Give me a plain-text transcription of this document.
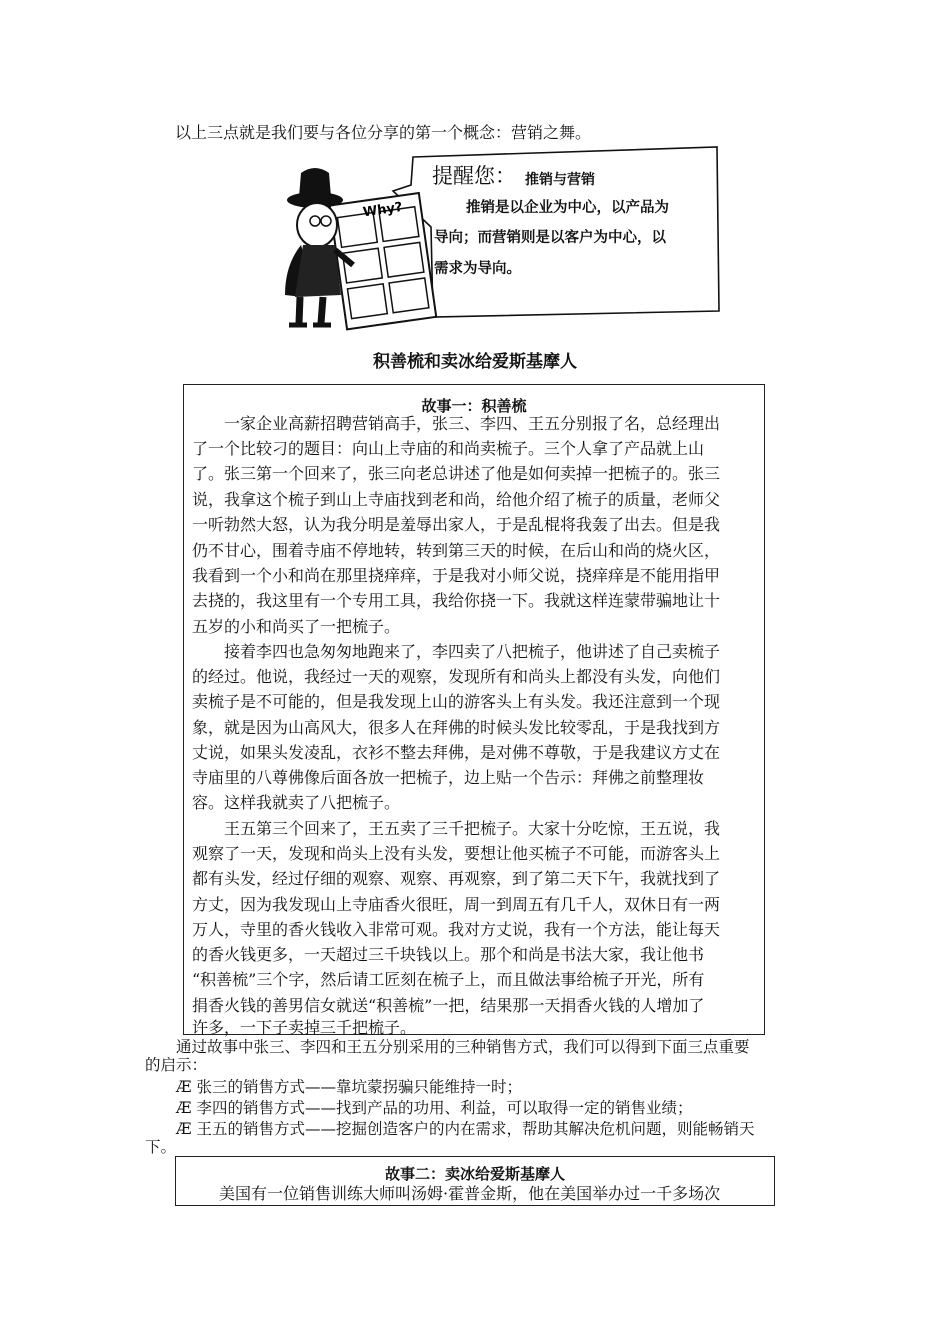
以上三点就是我们要与各位分享的第一个概念：营销之舞。
Why?
提醒您： 推销与营销
推销是以企业为中心，以产品为
导向；而营销则是以客户为中心，以
需求为导向。
积善梳和卖冰给爱斯基摩人
故事一：积善梳
一家企业高薪招聘营销高手，张三、李四、王五分别报了名，总经理出
了一个比较刁的题目：向山上寺庙的和尚卖梳子。三个人拿了产品就上山
了。张三第一个回来了，张三向老总讲述了他是如何卖掉一把梳子的。张三
说，我拿这个梳子到山上寺庙找到老和尚，给他介绍了梳子的质量，老师父
一听勃然大怒，认为我分明是羞辱出家人，于是乱棍将我轰了出去。但是我
仍不甘心，围着寺庙不停地转，转到第三天的时候，在后山和尚的烧火区，
我看到一个小和尚在那里挠痒痒，于是我对小师父说，挠痒痒是不能用指甲
去挠的，我这里有一个专用工具，我给你挠一下。我就这样连蒙带骗地让十
五岁的小和尚买了一把梳子。
接着李四也急匆匆地跑来了，李四卖了八把梳子，他讲述了自己卖梳子
的经过。他说，我经过一天的观察，发现所有和尚头上都没有头发，向他们
卖梳子是不可能的，但是我发现上山的游客头上有头发。我还注意到一个现
象，就是因为山高风大，很多人在拜佛的时候头发比较零乱，于是我找到方
丈说，如果头发凌乱，衣衫不整去拜佛，是对佛不尊敬，于是我建议方丈在
寺庙里的八尊佛像后面各放一把梳子，边上贴一个告示：拜佛之前整理妆
容。这样我就卖了八把梳子。
王五第三个回来了，王五卖了三千把梳子。大家十分吃惊，王五说，我
观察了一天，发现和尚头上没有头发，要想让他买梳子不可能，而游客头上
都有头发，经过仔细的观察、观察、再观察，到了第二天下午，我就找到了
方丈，因为我发现山上寺庙香火很旺，周一到周五有几千人，双休日有一两
万人，寺里的香火钱收入非常可观。我对方丈说，我有一个方法，能让每天
的香火钱更多，一天超过三千块钱以上。那个和尚是书法大家，我让他书
“积善梳”三个字，然后请工匠刻在梳子上，而且做法事给梳子开光，所有
捐香火钱的善男信女就送“积善梳”一把，结果那一天捐香火钱的人增加了
许多，一下子卖掉三千把梳子。
通过故事中张三、李四和王五分别采用的三种销售方式，我们可以得到下面三点重要
的启示：
Æ 张三的销售方式——靠坑蒙拐骗只能维持一时；
Æ 李四的销售方式——找到产品的功用、利益，可以取得一定的销售业绩；
Æ 王五的销售方式——挖掘创造客户的内在需求，帮助其解决危机问题，则能畅销天
下。
故事二：卖冰给爱斯基摩人
美国有一位销售训练大师叫汤姆·霍普金斯，他在美国举办过一千多场次
